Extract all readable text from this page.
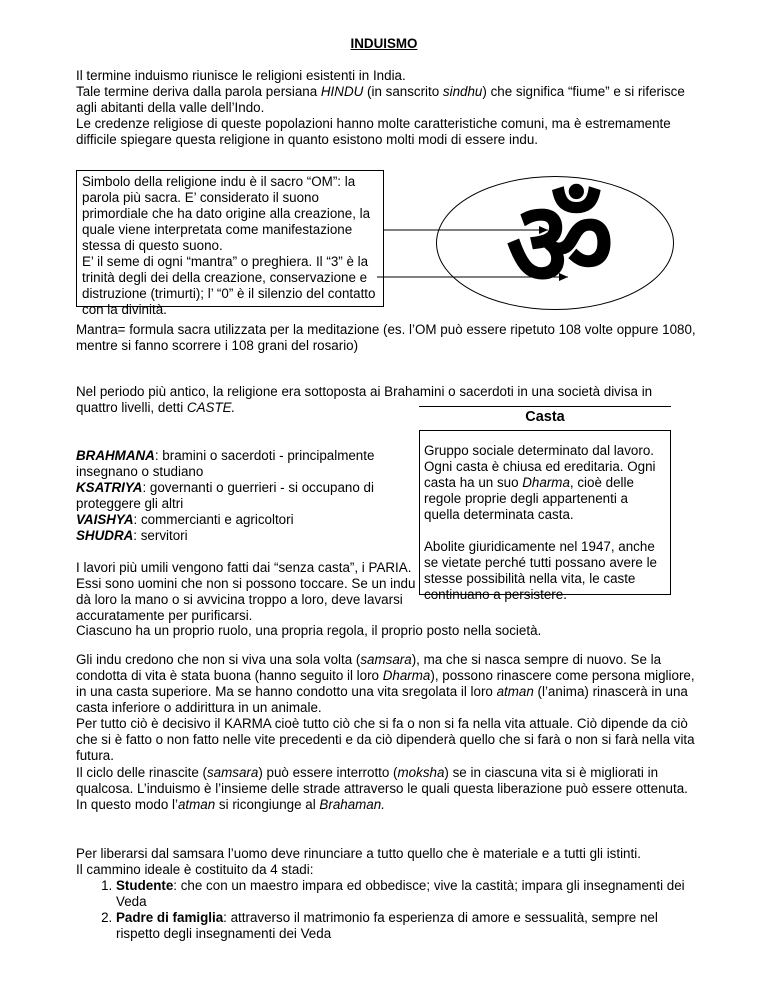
INDUISMO

Il termine induismo riunisce le religioni esistenti in India.

Tale termine deriva dalla parola persiana HINDU (in sanscrito sindhu) che significa “fiume” e si riferisce agli abitanti della valle dell’Indo.

Le credenze religiose di queste popolazioni hanno molte caratteristiche comuni, ma è estremamente difficile spiegare questa religione in quanto esistono molti modi di essere indu.

Simbolo della religione indu è il sacro “OM”: la parola più sacra. E’ considerato il suono primordiale che ha dato origine alla creazione, la quale viene interpretata come manifestazione stessa di questo suono.

E’ il seme di ogni “mantra” o preghiera. Il “3” è la trinità degli dei della creazione, conservazione e distruzione (trimurti); l’ “0” è il silenzio del contatto con la divinità.	ॐ
Mantra= formula sacra utilizzata per la meditazione (es. l’OM può essere ripetuto 108 volte oppure 1080, mentre si fanno scorrere i 108 grani del rosario)
Nel periodo più antico, la religione era sottoposta ai Brahamini o sacerdoti in una società divisa in quattro livelli, detti CASTE.
Casta

BRAHMANA: bramini o sacerdoti - principalmente insegnano o studiano

KSATRIYA: governanti o guerrieri - si occupano di proteggere gli altri

VAISHYA: commercianti e agricoltori

SHUDRA: servitori

I lavori più umili vengono fatti dai “senza casta”, i PARIA. Essi sono uomini che non si possono toccare. Se un indu dà loro la mano o si avvicina troppo a loro, deve lavarsi accuratamente per purificarsi.

Gruppo sociale determinato dal lavoro. Ogni casta è chiusa ed ereditaria. Ogni casta ha un suo Dharma, cioè delle regole proprie degli appartenenti a quella determinata casta.

Abolite giuridicamente nel 1947, anche se vietate perché tutti possano avere le stesse possibilità nella vita, le caste continuano a persistere.

Ciascuno ha un proprio ruolo, una propria regola, il proprio posto nella società.

Gli indu credono che non si viva una sola volta (samsara), ma che si nasca sempre di nuovo. Se la condotta di vita è stata buona (hanno seguito il loro Dharma), possono rinascere come persona migliore, in una casta superiore. Ma se hanno condotto una vita sregolata il loro atman (l’anima) rinascerà in una casta inferiore o addirittura in un animale.

Per tutto ciò è decisivo il KARMA cioè tutto ciò che si fa o non si fa nella vita attuale. Ciò dipende da ciò che si è fatto o non fatto nelle vite precedenti e da ciò dipenderà quello che si farà o non si farà nella vita futura.

Il ciclo delle rinascite (samsara) può essere interrotto (moksha) se in ciascuna vita si è migliorati in qualcosa. L’induismo è l’insieme delle strade attraverso le quali questa liberazione può essere ottenuta.

In questo modo l’atman si ricongiunge al Brahaman.

Per liberarsi dal samsara l’uomo deve rinunciare a tutto quello che è materiale e a tutti gli istinti.

Il cammino ideale è costituito da 4 stadi:

1. Studente: che con un maestro impara ed obbedisce; vive la castità; impara gli insegnamenti dei Veda
2. Padre di famiglia: attraverso il matrimonio fa esperienza di amore e sessualità, sempre nel rispetto degli insegnamenti dei Veda
